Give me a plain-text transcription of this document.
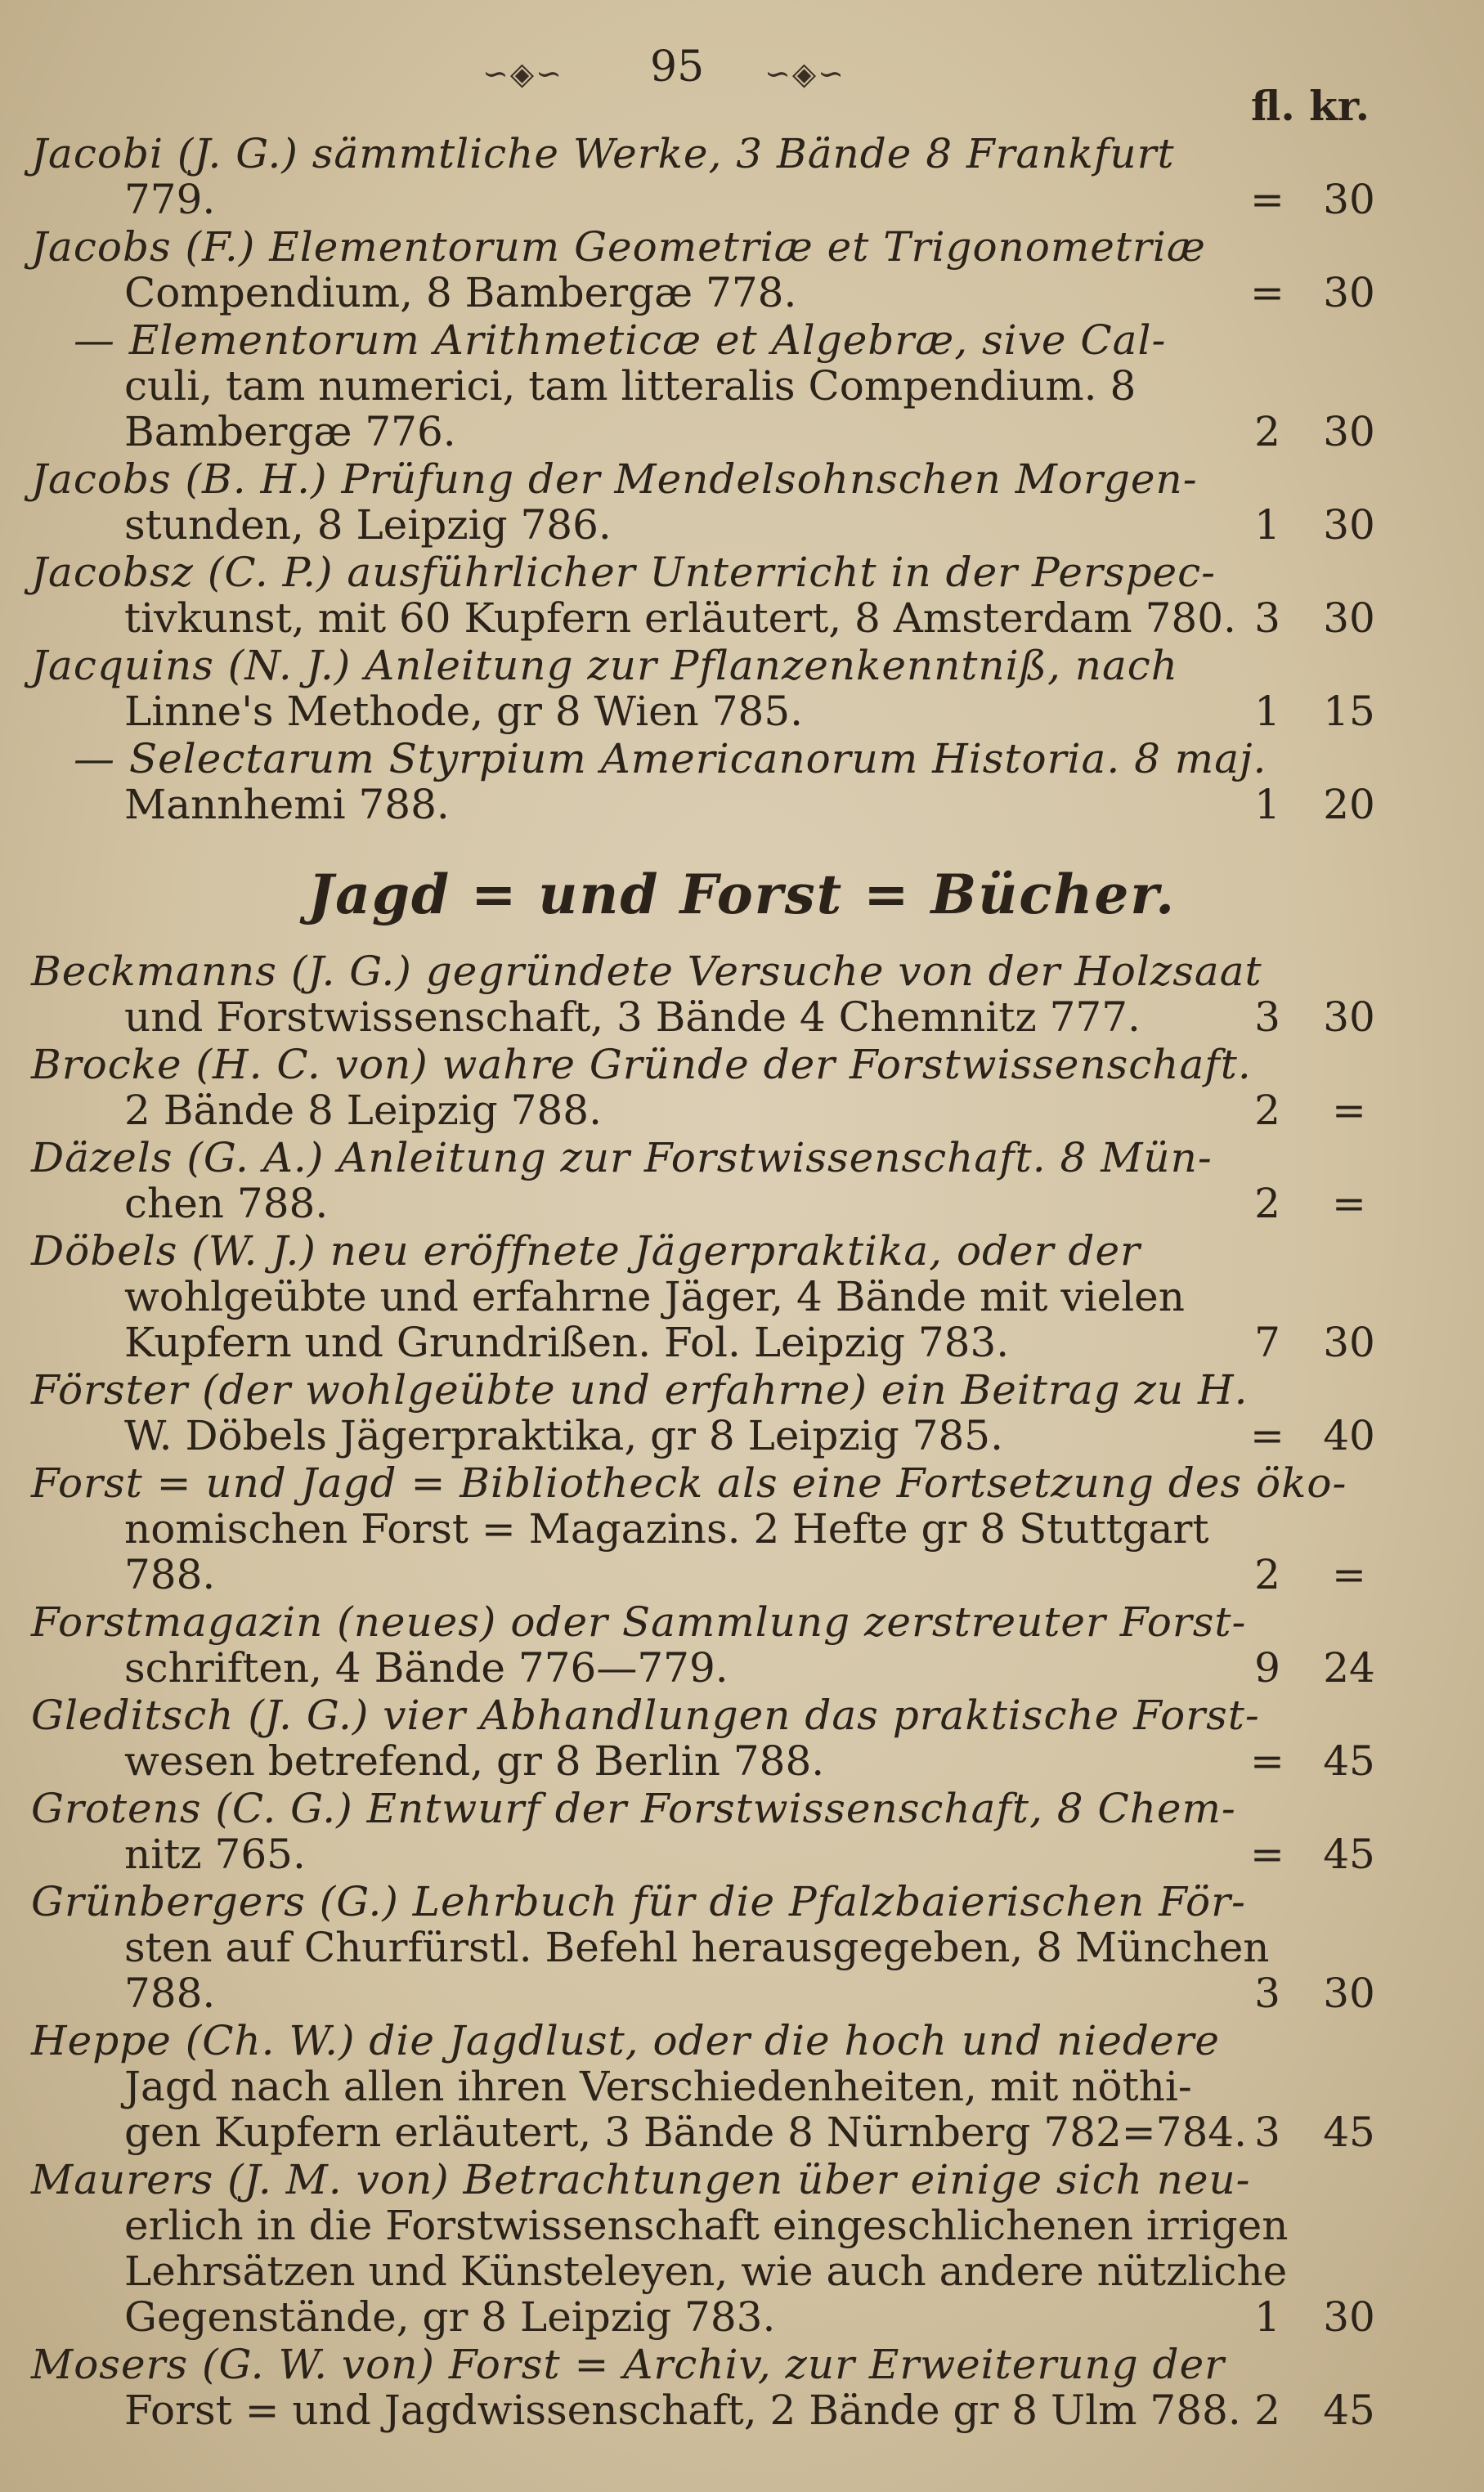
∽◈∽ 95 ∽◈∽
fl. kr.
Jacobi (J. G.) sämmtliche Werke, 3 Bände 8 Frankfurt
779.	= 30
Jacobs (F.) Elementorum Geometriæ et Trigonometriæ
Compendium, 8 Bambergæ 778.	= 30
— Elementorum Arithmeticæ et Algebræ, sive Cal-
culi, tam numerici, tam litteralis Compendium. 8
Bambergæ 776.	2 30
Jacobs (B. H.) Prüfung der Mendelsohnschen Morgen-
stunden, 8 Leipzig 786.	1 30
Jacobsz (C. P.) ausführlicher Unterricht in der Perspec-
tivkunst, mit 60 Kupfern erläutert, 8 Amsterdam 780. 3 30
Jacquins (N. J.) Anleitung zur Pflanzenkenntniß, nach
Linne's Methode, gr 8 Wien 785.	1 15
— Selectarum Styrpium Americanorum Historia. 8 maj.
Mannhemi 788.	1 20
Jagd = und Forst = Bücher.
Beckmanns (J. G.) gegründete Versuche von der Holzsaat
und Forstwissenschaft, 3 Bände 4 Chemnitz 777.	3 30
Brocke (H. C. von) wahre Gründe der Forstwissenschaft.
2 Bände 8 Leipzig 788.	2	=
Däzels (G. A.) Anleitung zur Forstwissenschaft. 8 Mün-
chen 788.	2	=
Döbels (W. J.) neu eröffnete Jägerpraktika, oder der
wohlgeübte und erfahrne Jäger, 4 Bände mit vielen
Kupfern und Grundrißen. Fol. Leipzig 783.	7 30
Förster (der wohlgeübte und erfahrne) ein Beitrag zu H.
W. Döbels Jägerpraktika, gr 8 Leipzig 785.	= 40
Forst = und Jagd = Bibliotheck als eine Fortsetzung des öko-
nomischen Forst = Magazins. 2 Hefte gr 8 Stuttgart
788.	2	=
Forstmagazin (neues) oder Sammlung zerstreuter Forst-
schriften, 4 Bände 776—779.	9 24
Gleditsch (J. G.) vier Abhandlungen das praktische Forst-
wesen betrefend, gr 8 Berlin 788.	= 45
Grotens (C. G.) Entwurf der Forstwissenschaft, 8 Chem-
nitz 765.	= 45
Grünbergers (G.) Lehrbuch für die Pfalzbaierischen För-
sten auf Churfürstl. Befehl herausgegeben, 8 München
788.	3 30
Heppe (Ch. W.) die Jagdlust, oder die hoch und niedere
Jagd nach allen ihren Verschiedenheiten, mit nöthi-
gen Kupfern erläutert, 3 Bände 8 Nürnberg 782=784. 3 45
Maurers (J. M. von) Betrachtungen über einige sich neu-
erlich in die Forstwissenschaft eingeschlichenen irrigen
Lehrsätzen und Künsteleyen, wie auch andere nützliche
Gegenstände, gr 8 Leipzig 783.	1 30
Mosers (G. W. von) Forst = Archiv, zur Erweiterung der
Forst = und Jagdwissenschaft, 2 Bände gr 8 Ulm 788. 2 45
